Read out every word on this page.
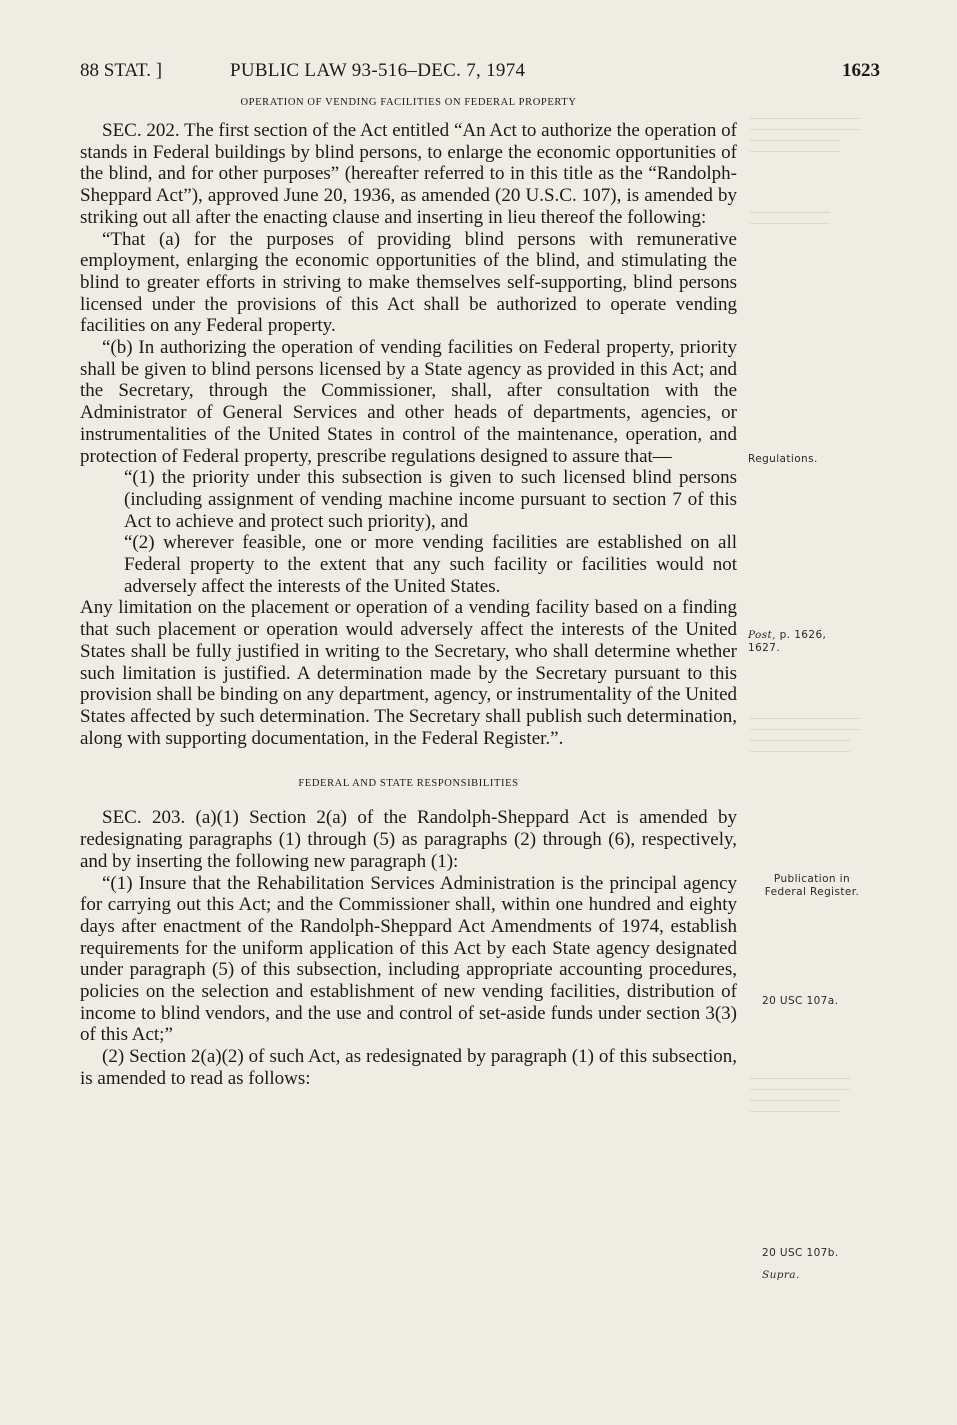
88 STAT. ]	PUBLIC LAW 93-516–DEC. 7, 1974	1623

OPERATION OF VENDING FACILITIES ON FEDERAL PROPERTY

SEC. 202. The first section of the Act entitled “An Act to authorize the operation of stands in Federal buildings by blind persons, to enlarge the economic opportunities of the blind, and for other purposes” (hereafter referred to in this title as the “Randolph-Sheppard Act”), approved June 20, 1936, as amended (20 U.S.C. 107), is amended by striking out all after the enacting clause and inserting in lieu thereof the following:

“That (a) for the purposes of providing blind persons with remunerative employment, enlarging the economic opportunities of the blind, and stimulating the blind to greater efforts in striving to make themselves self-supporting, blind persons licensed under the provisions of this Act shall be authorized to operate vending facilities on any Federal property.

“(b) In authorizing the operation of vending facilities on Federal property, priority shall be given to blind persons licensed by a State agency as provided in this Act; and the Secretary, through the Commissioner, shall, after consultation with the Administrator of General Services and other heads of departments, agencies, or instrumentalities of the United States in control of the maintenance, operation, and protection of Federal property, prescribe regulations designed to assure that—

“(1) the priority under this subsection is given to such licensed blind persons (including assignment of vending machine income pursuant to section 7 of this Act to achieve and protect such priority), and

“(2) wherever feasible, one or more vending facilities are established on all Federal property to the extent that any such facility or facilities would not adversely affect the interests of the United States.

Any limitation on the placement or operation of a vending facility based on a finding that such placement or operation would adversely affect the interests of the United States shall be fully justified in writing to the Secretary, who shall determine whether such limitation is justified. A determination made by the Secretary pursuant to this provision shall be binding on any department, agency, or instrumentality of the United States affected by such determination. The Secretary shall publish such determination, along with supporting documentation, in the Federal Register.”.

FEDERAL AND STATE RESPONSIBILITIES

SEC. 203. (a)(1) Section 2(a) of the Randolph-Sheppard Act is amended by redesignating paragraphs (1) through (5) as paragraphs (2) through (6), respectively, and by inserting the following new paragraph (1):

“(1) Insure that the Rehabilitation Services Administration is the principal agency for carrying out this Act; and the Commissioner shall, within one hundred and eighty days after enactment of the Randolph-Sheppard Act Amendments of 1974, establish requirements for the uniform application of this Act by each State agency designated under paragraph (5) of this subsection, including appropriate accounting procedures, policies on the selection and establishment of new vending facilities, distribution of income to blind vendors, and the use and control of set-aside funds under section 3(3) of this Act;”

(2) Section 2(a)(2) of such Act, as redesignated by paragraph (1) of this subsection, is amended to read as follows:

Regulations.
Post, p. 1626,
1627.
Publication in
Federal Register.
20 USC 107a.
20 USC 107b.
Supra.
